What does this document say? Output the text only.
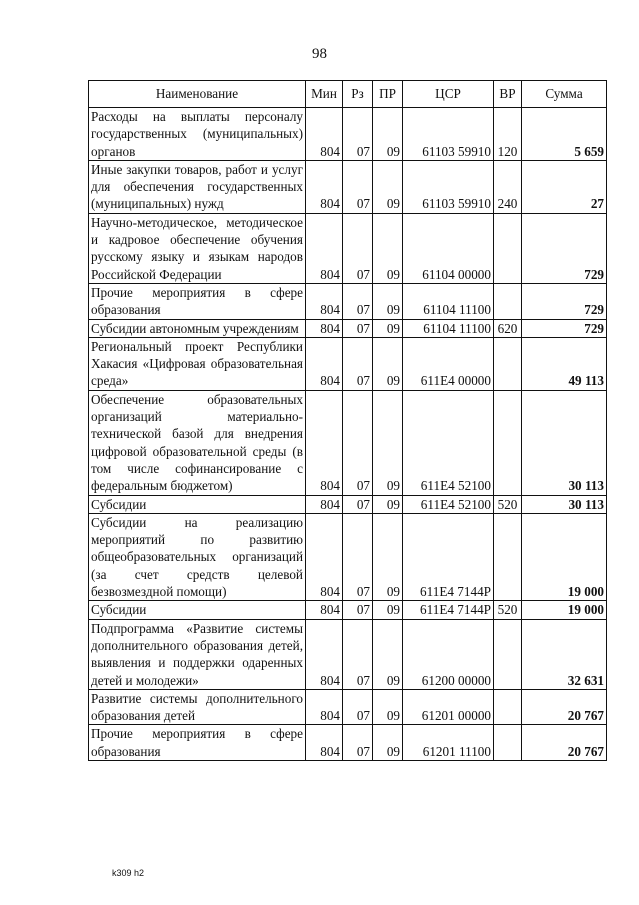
98
Наименование	Мин	Рз	ПР	ЦСР	ВР	Сумма
Расходы на выплаты персоналу государственных (муниципальных) органов	804	07	09	61103 59910	120	5 659
Иные закупки товаров, работ и услуг для обеспечения государственных (муниципальных) нужд	804	07	09	61103 59910	240	27
Научно-методическое, методическое и кадровое обеспечение обучения русскому языку и языкам народов Российской Федерации	804	07	09	61104 00000		729
Прочие мероприятия в сфере образования	804	07	09	61104 11100		729
Субсидии автономным учреждениям	804	07	09	61104 11100	620	729
Региональный проект Республики Хакасия «Цифровая образовательная среда»	804	07	09	611E4 00000		49 113
Обеспечение образовательных организаций материально-технической базой для внедрения цифровой образовательной среды (в том числе софинансирование с федеральным бюджетом)	804	07	09	611E4 52100		30 113
Субсидии	804	07	09	611E4 52100	520	30 113
Субсидии на реализацию мероприятий по развитию общеобразовательных организаций (за счет средств целевой безвозмездной помощи)	804	07	09	611E4 7144P		19 000
Субсидии	804	07	09	611E4 7144P	520	19 000
Подпрограмма «Развитие системы дополнительного образования детей, выявления и поддержки одаренных детей и молодежи»	804	07	09	61200 00000		32 631
Развитие системы дополнительного образования детей	804	07	09	61201 00000		20 767
Прочие мероприятия в сфере образования	804	07	09	61201 11100		20 767
k309 h2
